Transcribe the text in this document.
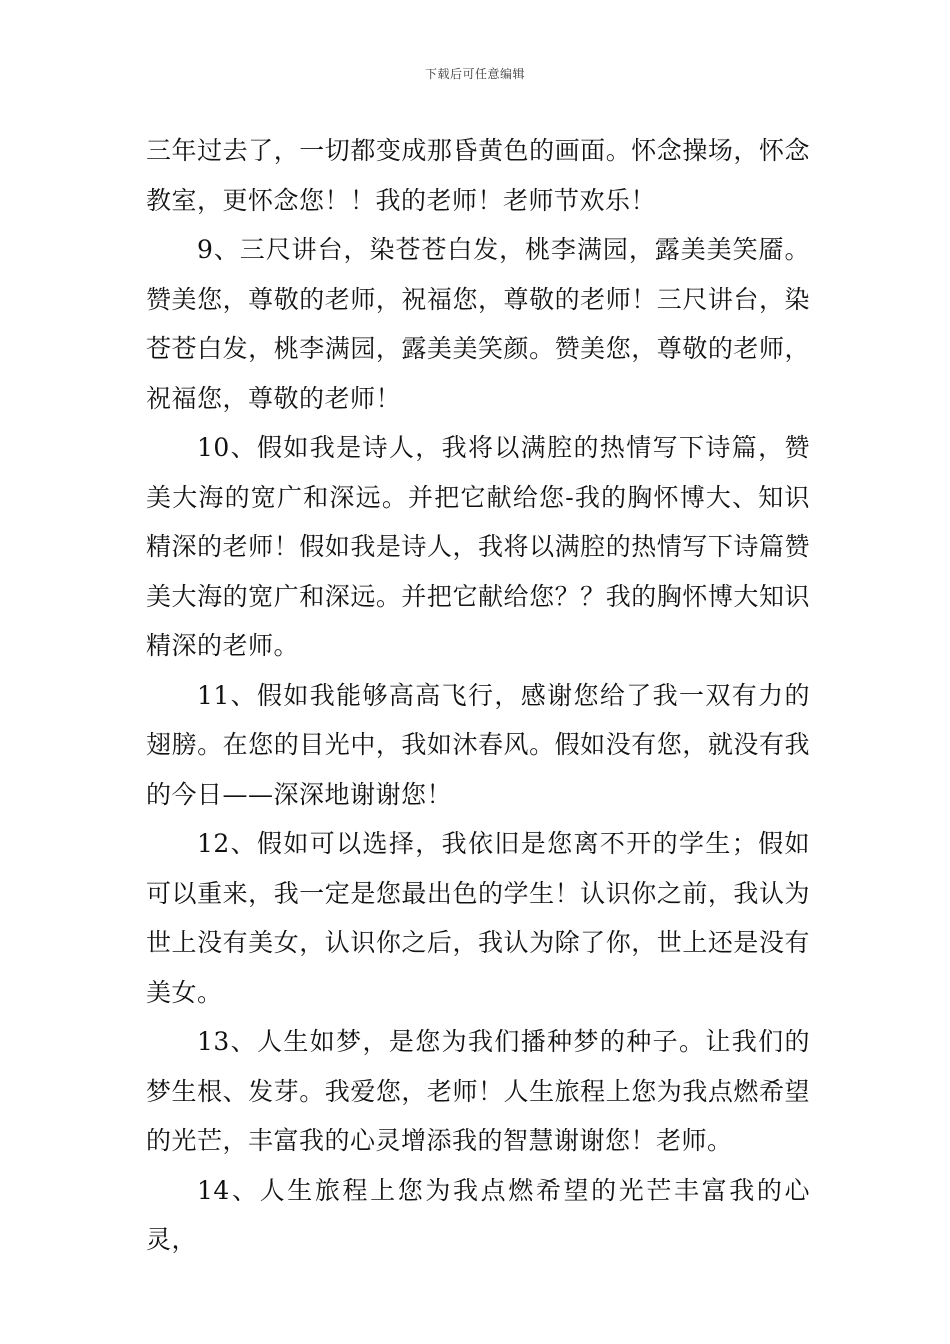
下载后可任意编辑

三年过去了，一切都变成那昏黄色的画面。怀念操场，怀念教室，更怀念您！！我的老师！老师节欢乐！

9、三尺讲台，染苍苍白发，桃李满园，露美美笑靥。赞美您，尊敬的老师，祝福您，尊敬的老师！三尺讲台，染苍苍白发，桃李满园，露美美笑颜。赞美您，尊敬的老师，祝福您，尊敬的老师！

10、假如我是诗人，我将以满腔的热情写下诗篇，赞美大海的宽广和深远。并把它献给您-我的胸怀博大、知识精深的老师！假如我是诗人，我将以满腔的热情写下诗篇赞美大海的宽广和深远。并把它献给您？？我的胸怀博大知识精深的老师。

11、假如我能够高高飞行，感谢您给了我一双有力的翅膀。在您的目光中，我如沐春风。假如没有您，就没有我的今日——深深地谢谢您！

12、假如可以选择，我依旧是您离不开的学生；假如可以重来，我一定是您最出色的学生！认识你之前，我认为世上没有美女，认识你之后，我认为除了你，世上还是没有美女。

13、人生如梦，是您为我们播种梦的种子。让我们的梦生根、发芽。我爱您，老师！人生旅程上您为我点燃希望的光芒，丰富我的心灵增添我的智慧谢谢您！老师。

14、人生旅程上您为我点燃希望的光芒丰富我的心灵，
